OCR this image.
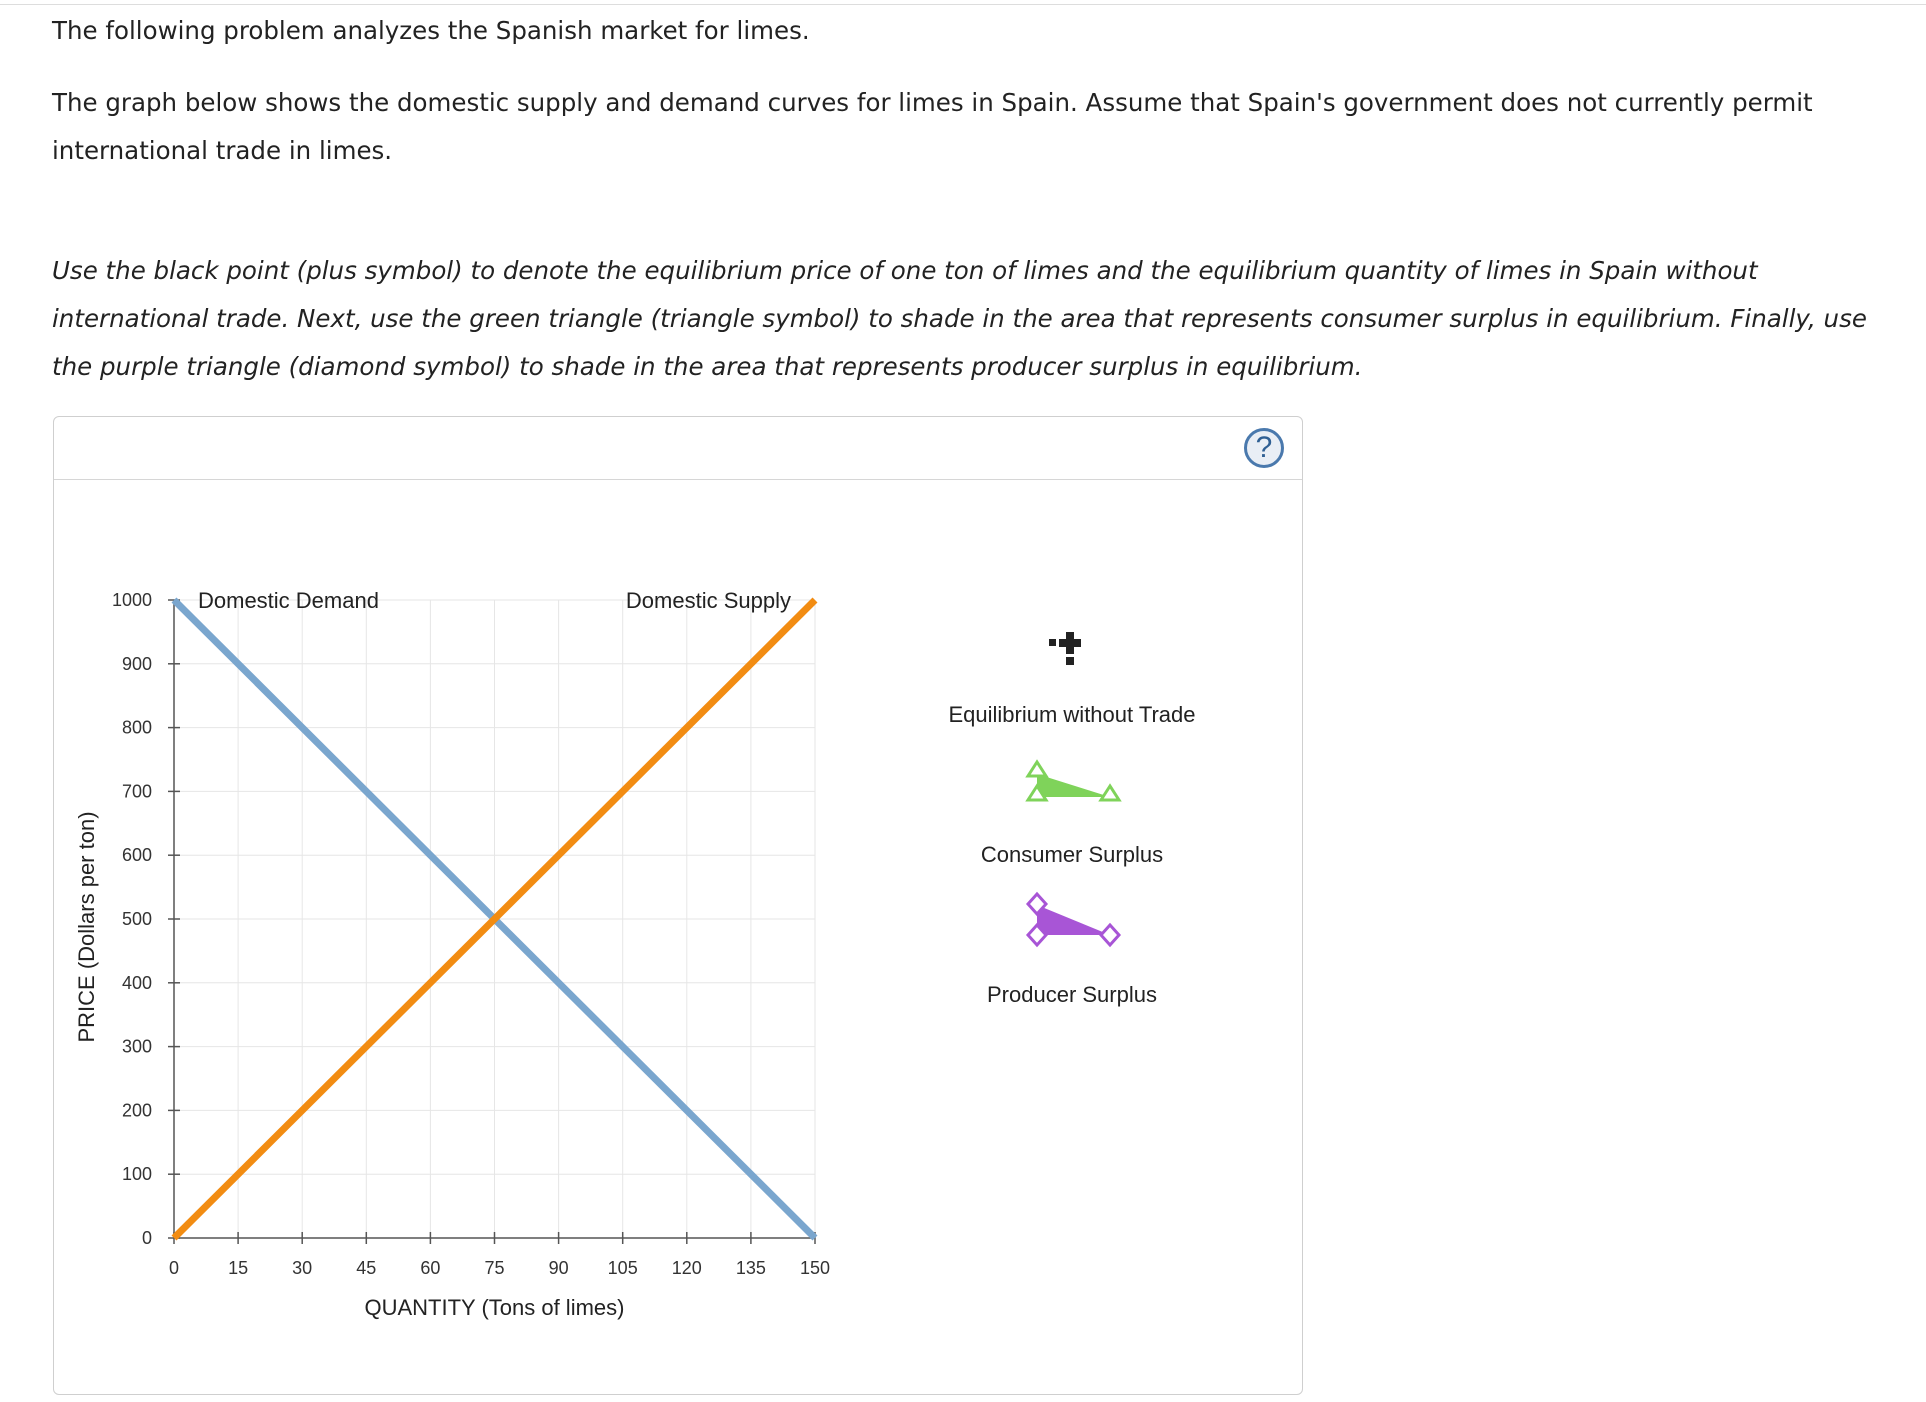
The following problem analyzes the Spanish market for limes.

The graph below shows the domestic supply and demand curves for limes in Spain. Assume that Spain's government does not currently permit international trade in limes.

Use the black point (plus symbol) to denote the equilibrium price of one ton of limes and the equilibrium quantity of limes in Spain without international trade. Next, use the green triangle (triangle symbol) to shade in the area that represents consumer surplus in equilibrium. Finally, use the purple triangle (diamond symbol) to shade in the area that represents producer surplus in equilibrium.

?
0
100
200
300
400
500
600
700
800
900
1000
0	15 30 45 60 75 90 105 120 135 150
QUANTITY (Tons of limes)
PRICE (Dollars per ton)
Domestic Demand	Domestic Supply
Equilibrium without Trade
Consumer Surplus
Producer Surplus
